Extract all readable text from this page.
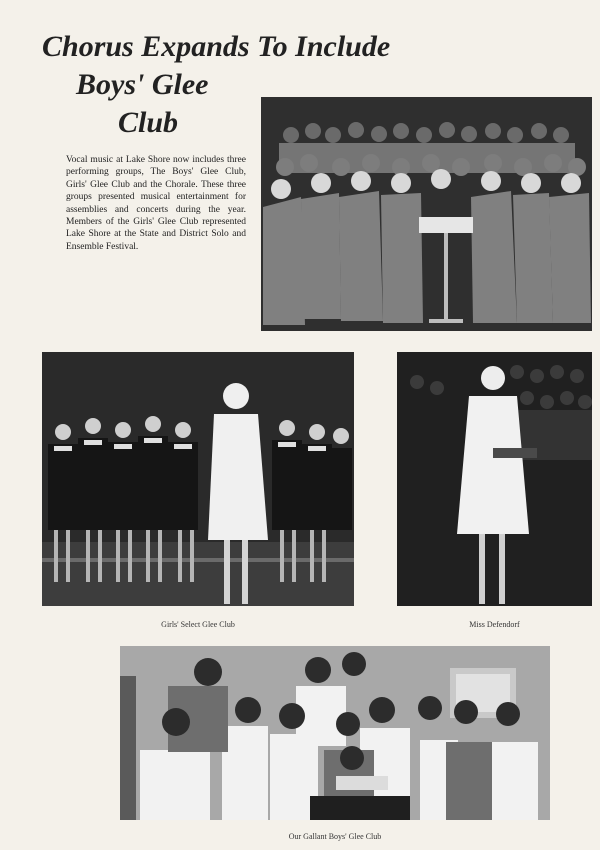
Chorus Expands To Include
Boys' Glee
Club
Vocal music at Lake Shore now includes three performing groups, The Boys' Glee Club, Girls' Glee Club and the Chorale. These three groups presented musical entertainment for assemblies and concerts during the year. Members of the Girls' Glee Club represented Lake Shore at the State and District Solo and Ensemble Festival.
Girls' Select Glee Club	Miss Defendorf
Our Gallant Boys' Glee Club
